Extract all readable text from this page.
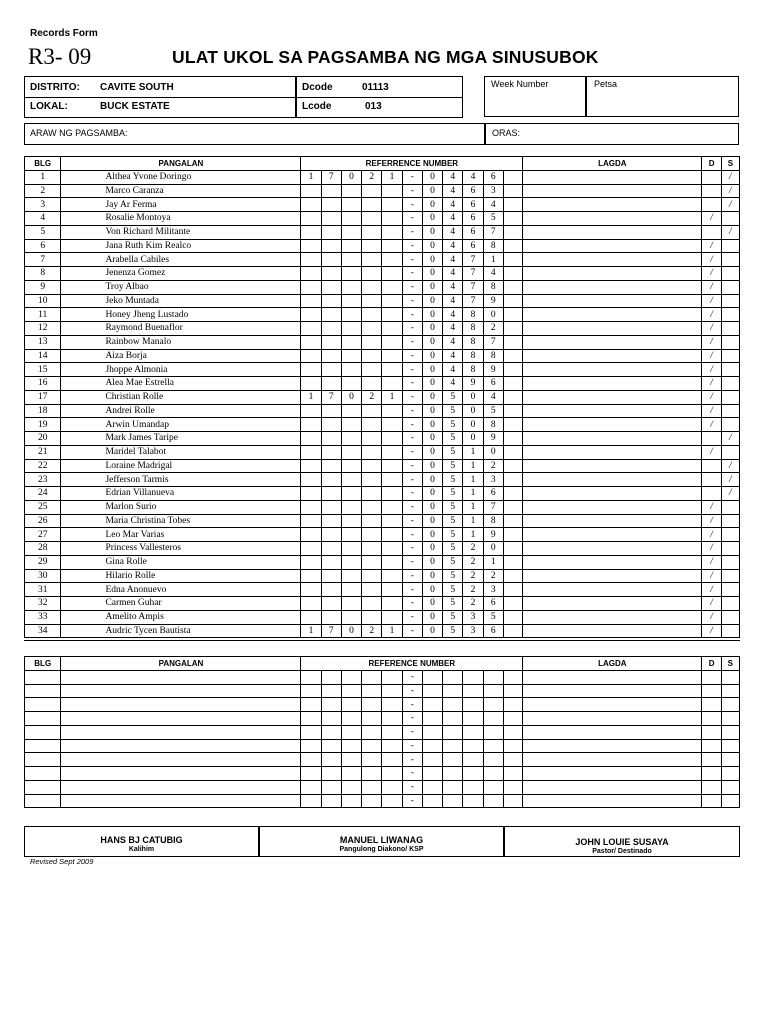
Records Form
R3- 09	ULAT UKOL SA PAGSAMBA NG MGA SINUSUBOK
DISTRITO: CAVITE SOUTH
LOKAL:	BUCK ESTATE
Dcode	01113
Lcode	013
Week Number	Petsa
ARAW NG PAGSAMBA:	ORAS:
BLG	PANGALAN	REFERRENCE NUMBER											LAGDA	D	S
1	Althea Yvone Doringo	1	7	0	2	1	-	0	4	4	6				/
2	Marco Caranza						-	0	4	6	3				/
3	Jay Ar Ferma						-	0	4	6	4				/
4	Rosalie Montoya						-	0	4	6	5			/	
5	Von Richard Militante						-	0	4	6	7				/
6	Jana Ruth Kim Realco						-	0	4	6	8			/	
7	Arabella Cabiles						-	0	4	7	1			/	
8	Jenenza Gomez						-	0	4	7	4			/	
9	Troy Albao						-	0	4	7	8			/	
10	Jeko Muntada						-	0	4	7	9			/	
11	Honey Jheng Lustado						-	0	4	8	0			/	
12	Raymond Buenaflor						-	0	4	8	2			/	
13	Rainbow Manalo						-	0	4	8	7			/	
14	Aiza Borja						-	0	4	8	8			/	
15	Jhoppe Almonia						-	0	4	8	9			/	
16	Alea Mae Estrella						-	0	4	9	6			/	
17	Christian Rolle	1	7	0	2	1	-	0	5	0	4			/	
18	Andrei Rolle						-	0	5	0	5			/	
19	Arwin Umandap						-	0	5	0	8			/	
20	Mark James Taripe						-	0	5	0	9				/
21	Maridel Talabot						-	0	5	1	0			/	
22	Loraine Madrigal						-	0	5	1	2				/
23	Jefferson Tarmis						-	0	5	1	3				/
24	Edrian Villanueva						-	0	5	1	6				/
25	Marlon Surio						-	0	5	1	7			/	
26	Maria Christina Tobes						-	0	5	1	8			/	
27	Leo Mar Varias						-	0	5	1	9			/	
28	Princess Vallesteros						-	0	5	2	0			/	
29	Gina Rolle						-	0	5	2	1			/	
30	Hilario Rolle						-	0	5	2	2			/	
31	Edna Anonuevo						-	0	5	2	3			/	
32	Carmen Guhar						-	0	5	2	6			/	
33	Amelito Ampis						-	0	5	3	5			/	
34	Audric Tycen Bautista	1	7	0	2	1	-	0	5	3	6			/	
BLG	PANGALAN	REFERENCE NUMBER											LAGDA	D	S
							-								
							-								
							-								
							-								
							-								
							-								
							-								
							-								
							-								
							-								
HANS BJ CATUBIG
Kalihim
MANUEL LIWANAG
Pangulong Diakono/ KSP
JOHN LOUIE SUSAYA
Pastor/ Destinado
Revised Sept 2009
